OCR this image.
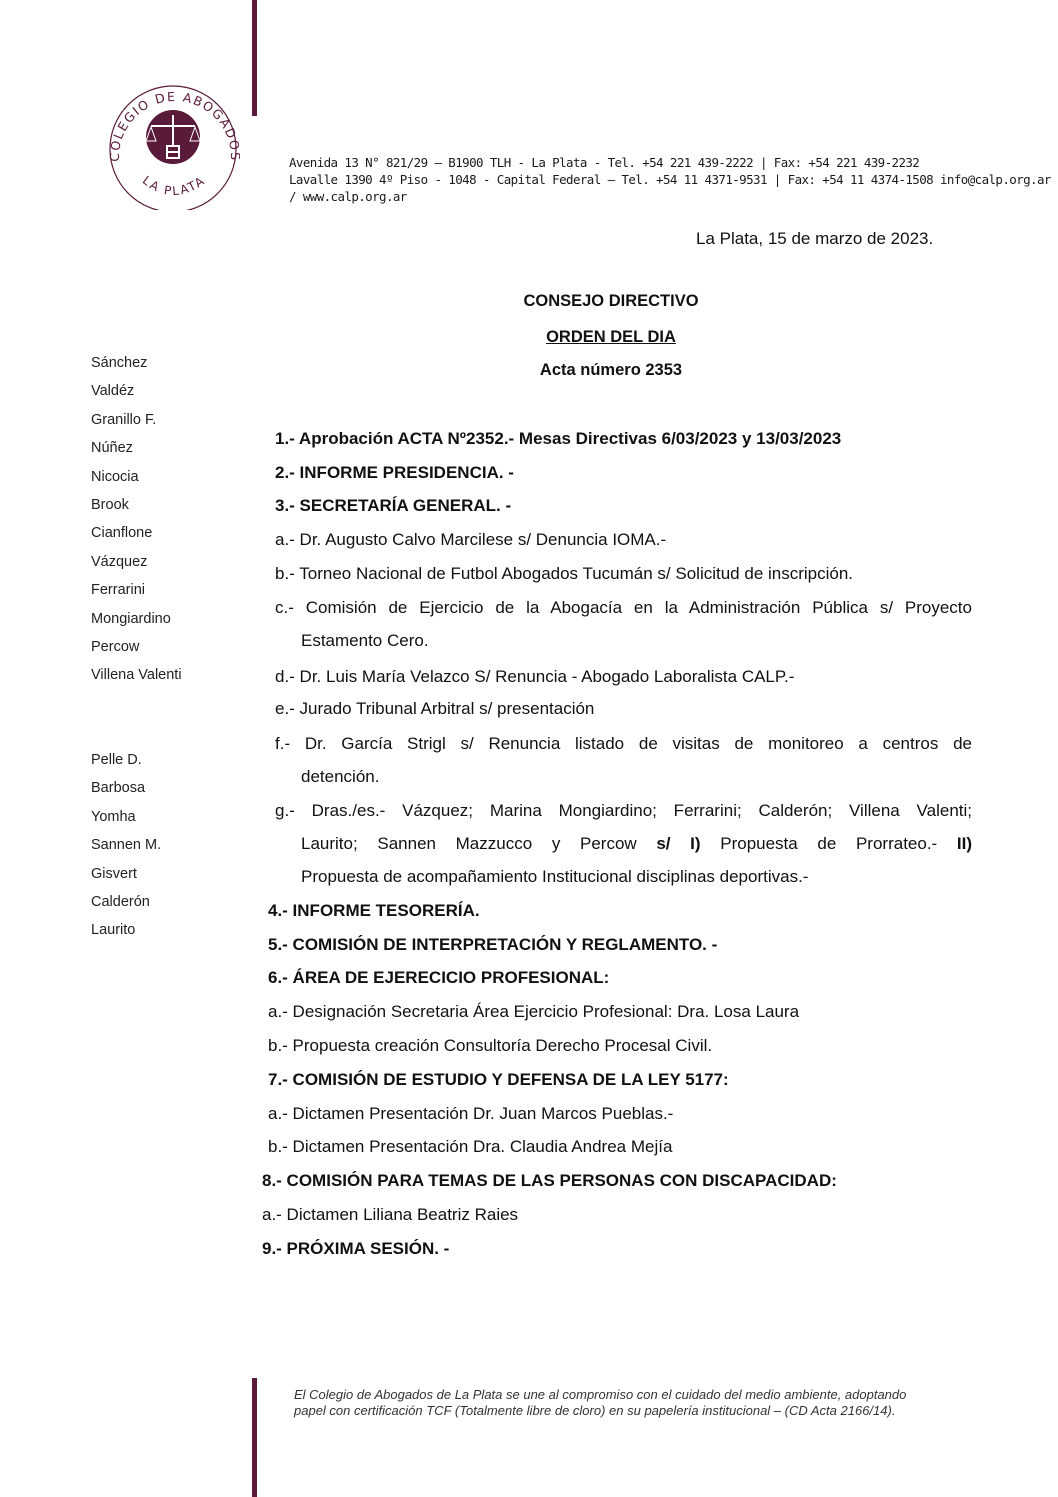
COLEGIO DE ABOGAD
LA PLATA
Avenida 13 N° 821/29 – B1900 TLH - La Plata - Tel. +54 221 439-2222 | Fax: +54 221 439-2232
Lavalle 1390 4º Piso - 1048 - Capital Federal – Tel. +54 11 4371-9531 | Fax: +54 11 4374-1508 info@calp.org.ar
/ www.calp.org.ar
La Plata, 15 de marzo de 2023.
CONSEJO DIRECTIVO
ORDEN DEL DIA
Acta número 2353
Sánchez
Valdéz
Granillo F.
Núñez
Nicocia
Brook
Cianflone
Vázquez
Ferrarini
Mongiardino
Percow
Villena Valenti
Pelle D.
Barbosa
Yomha
Sannen M.
Gisvert
Calderón
Laurito
1.- Aprobación ACTA Nº2352.- Mesas Directivas 6/03/2023 y 13/03/2023
2.- INFORME PRESIDENCIA. -
3.- SECRETARÍA GENERAL. -
a.- Dr. Augusto Calvo Marcilese s/ Denuncia IOMA.-
b.- Torneo Nacional de Futbol Abogados Tucumán s/ Solicitud de inscripción.
c.- Comisión de Ejercicio de la Abogacía en la Administración Pública s/ Proyecto
Estamento Cero.
d.- Dr. Luis María Velazco S/ Renuncia - Abogado Laboralista CALP.-
e.- Jurado Tribunal Arbitral s/ presentación
f.- Dr. García Strigl s/ Renuncia listado de visitas de monitoreo a centros de
detención.
g.- Dras./es.- Vázquez; Marina Mongiardino; Ferrarini; Calderón; Villena Valenti;
Laurito; Sannen Mazzucco y Percow s/ I) Propuesta de Prorrateo.- II)
Propuesta de acompañamiento Institucional disciplinas deportivas.-
4.- INFORME TESORERÍA.
5.- COMISIÓN DE INTERPRETACIÓN Y REGLAMENTO. -
6.- ÁREA DE EJERECICIO PROFESIONAL:
a.- Designación Secretaria Área Ejercicio Profesional: Dra. Losa Laura
b.- Propuesta creación Consultoría Derecho Procesal Civil.
7.- COMISIÓN DE ESTUDIO Y DEFENSA DE LA LEY 5177:
a.- Dictamen Presentación Dr. Juan Marcos Pueblas.-
b.- Dictamen Presentación Dra. Claudia Andrea Mejía
8.- COMISIÓN PARA TEMAS DE LAS PERSONAS CON DISCAPACIDAD:
a.- Dictamen Liliana Beatriz Raies
9.- PRÓXIMA SESIÓN. -
El Colegio de Abogados de La Plata se une al compromiso con el cuidado del medio ambiente, adoptando
papel con certificación TCF (Totalmente libre de cloro) en su papelería institucional – (CD Acta 2166/14).
